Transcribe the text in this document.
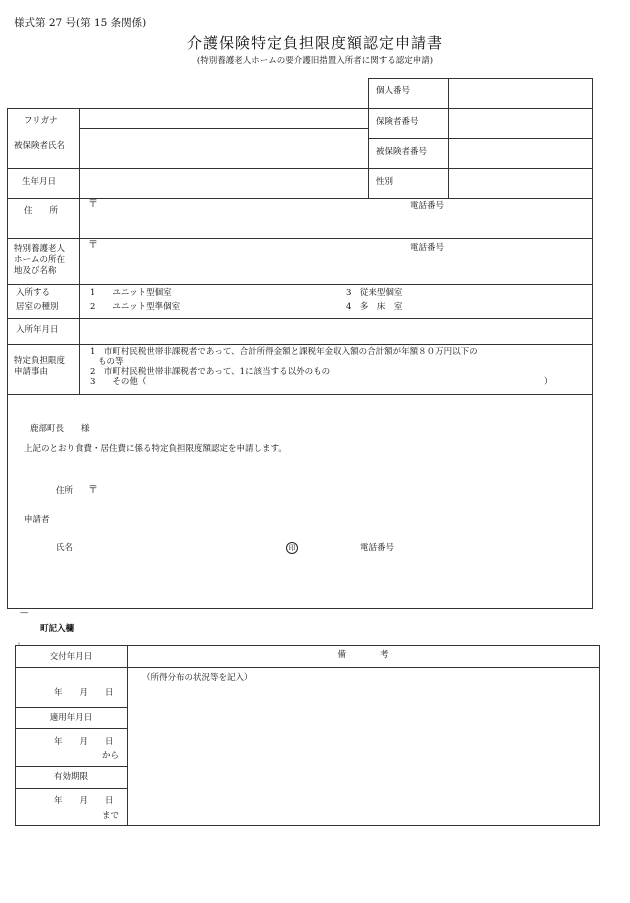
様式第 27 号(第 15 条関係)
介護保険特定負担限度額認定申請書
(特別養護老人ホームの要介護旧措置入所者に関する認定申請)
個人番号
フリガナ	保険者番号
被保険者氏名
被保険者番号
生年月日	性別
住　　所
〒	電話番号
特別養護老人
ホームの所在
地及び名称
〒	電話番号
入所する
居室の種別
1　　ユニット型個室
2　　ユニット型準個室
3　従来型個室
4　多　床　室
入所年月日
特定負担限度
申請事由
1　市町村民税世帯非課税者であって、合計所得金額と課税年金収入額の合計額が年額８０万円以下の
もの等
2　市町村民税世帯非課税者であって、1に該当する以外のもの
3　　その他（	）
鹿部町長　　様
上記のとおり食費・居住費に係る特定負担限度額認定を申請します。
住所 〒
申請者
氏名	印	電話番号
—
町記入欄
'
交付年月日	備　　　　考
（所得分布の状況等を記入）
年　　月　　日
適用年月日
年　　月　　日
から
有効期限
年　　月　　日
まで
